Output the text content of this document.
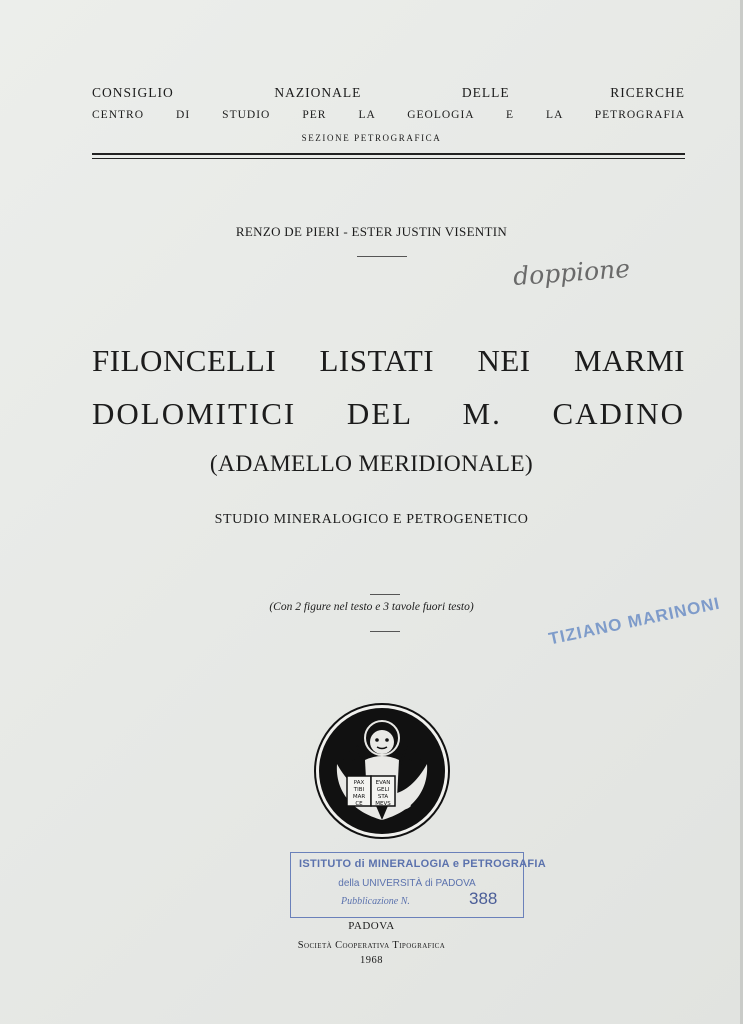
CONSIGLIO NAZIONALE DELLE RICERCHE
CENTRO DI STUDIO PER LA GEOLOGIA E LA PETROGRAFIA
SEZIONE PETROGRAFICA
RENZO DE PIERI - ESTER JUSTIN VISENTIN
doppione
FILONCELLI LISTATI NEI MARMI
DOLOMITICI DEL M. CADINO
(ADAMELLO MERIDIONALE)
STUDIO MINERALOGICO E PETROGENETICO
(Con 2 figure nel testo e 3 tavole fuori testo)	TIZIANO MARINONI
PAX
TIBI
MAR
CE
EVAN
GELI
STA
MEVS
ISTITUTO di MINERALOGIA e PETROGRAFIA
della UNIVERSITÀ di PADOVA
Pubblicazione N.	388
PADOVA
Società Cooperativa Tipografica
1968
